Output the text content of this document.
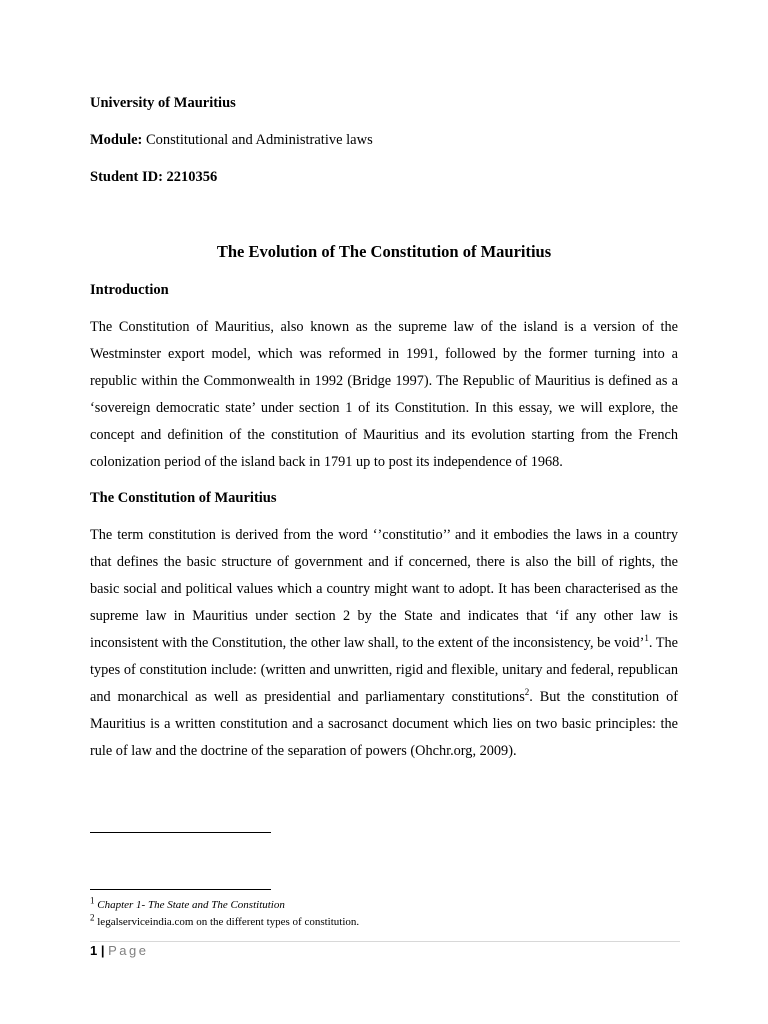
University of Mauritius
Module: Constitutional and Administrative laws
Student ID: 2210356
The Evolution of The Constitution of Mauritius
Introduction
The Constitution of Mauritius, also known as the supreme law of the island is a version of the Westminster export model, which was reformed in 1991, followed by the former turning into a republic within the Commonwealth in 1992 (Bridge 1997). The Republic of Mauritius is defined as a ‘sovereign democratic state’ under section 1 of its Constitution. In this essay, we will explore, the concept and definition of the constitution of Mauritius and its evolution starting from the French colonization period of the island back in 1791 up to post its independence of 1968.
The Constitution of Mauritius
The term constitution is derived from the word ‘’constitutio’’ and it embodies the laws in a country that defines the basic structure of government and if concerned, there is also the bill of rights, the basic social and political values which a country might want to adopt. It has been characterised as the supreme law in Mauritius under section 2 by the State and indicates that ‘if any other law is inconsistent with the Constitution, the other law shall, to the extent of the inconsistency, be void’$^1$. The types of constitution include: (written and unwritten, rigid and flexible, unitary and federal, republican and monarchical as well as presidential and parliamentary constitutions$^2$. But the constitution of Mauritius is a written constitution and a sacrosanct document which lies on two basic principles: the rule of law and the doctrine of the separation of powers (Ohchr.org, 2009).
$^1$ Chapter 1- The State and The Constitution
$^2$ legalserviceindia.com on the different types of constitution.
1 | Page
